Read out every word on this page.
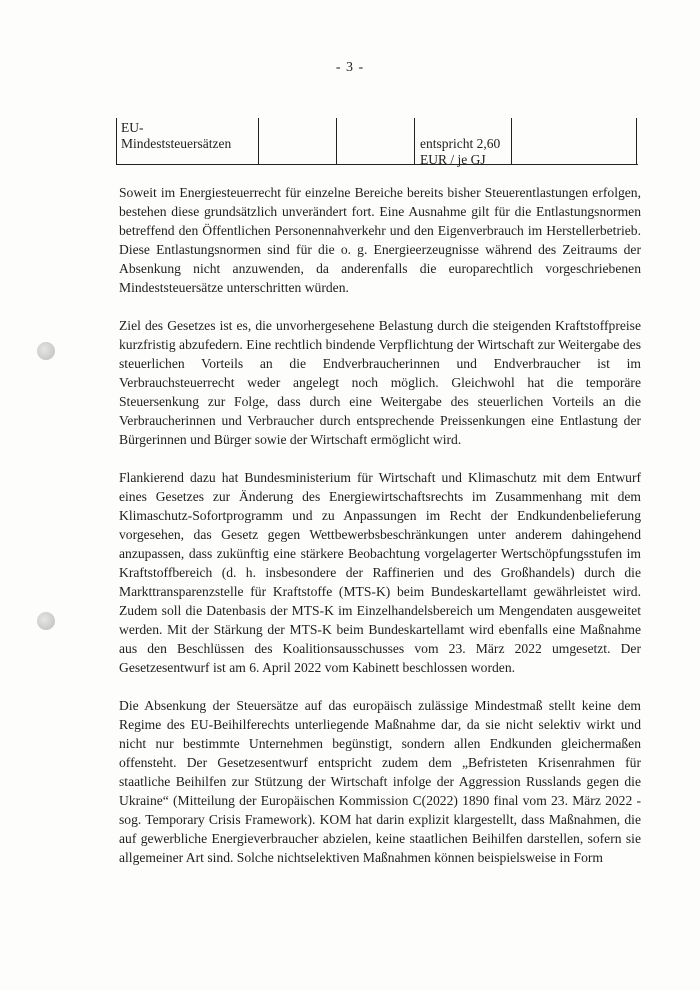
- 3 -
EU-
Mindeststeuersätzen	entspricht 2,60
EUR / je GJ

Soweit im Energiesteuerrecht für einzelne Bereiche bereits bisher Steuerentlastungen erfolgen, bestehen diese grundsätzlich unverändert fort. Eine Ausnahme gilt für die Entlastungsnormen betreffend den Öffentlichen Personennahverkehr und den Eigenverbrauch im Herstellerbetrieb. Diese Entlastungsnormen sind für die o. g. Energieerzeugnisse während des Zeitraums der Absenkung nicht anzuwenden, da anderenfalls die europarechtlich vorgeschriebenen Mindeststeuersätze unterschritten würden.

Ziel des Gesetzes ist es, die unvorhergesehene Belastung durch die steigenden Kraftstoffpreise kurzfristig abzufedern. Eine rechtlich bindende Verpflichtung der Wirtschaft zur Weitergabe des steuerlichen Vorteils an die Endverbraucherinnen und Endverbraucher ist im Verbrauchsteuerrecht weder angelegt noch möglich. Gleichwohl hat die temporäre Steuersenkung zur Folge, dass durch eine Weitergabe des steuerlichen Vorteils an die Verbraucherinnen und Verbraucher durch entsprechende Preissenkungen eine Entlastung der Bürgerinnen und Bürger sowie der Wirtschaft ermöglicht wird.

Flankierend dazu hat Bundesministerium für Wirtschaft und Klimaschutz mit dem Entwurf eines Gesetzes zur Änderung des Energiewirtschaftsrechts im Zusammenhang mit dem Klimaschutz-Sofortprogramm und zu Anpassungen im Recht der Endkundenbelieferung vorgesehen, das Gesetz gegen Wettbewerbsbeschränkungen unter anderem dahingehend anzupassen, dass zukünftig eine stärkere Beobachtung vorgelagerter Wertschöpfungsstufen im Kraftstoffbereich (d. h. insbesondere der Raffinerien und des Großhandels) durch die Markttransparenzstelle für Kraftstoffe (MTS-K) beim Bundeskartellamt gewährleistet wird. Zudem soll die Datenbasis der MTS-K im Einzelhandelsbereich um Mengendaten ausgeweitet werden. Mit der Stärkung der MTS-K beim Bundeskartellamt wird ebenfalls eine Maßnahme aus den Beschlüssen des Koalitionsausschusses vom 23. März 2022 umgesetzt. Der Gesetzesentwurf ist am 6. April 2022 vom Kabinett beschlossen worden.

Die Absenkung der Steuersätze auf das europäisch zulässige Mindestmaß stellt keine dem Regime des EU-Beihilferechts unterliegende Maßnahme dar, da sie nicht selektiv wirkt und nicht nur bestimmte Unternehmen begünstigt, sondern allen Endkunden gleichermaßen offensteht. Der Gesetzesentwurf entspricht zudem dem „Befristeten Krisenrahmen für staatliche Beihilfen zur Stützung der Wirtschaft infolge der Aggression Russlands gegen die Ukraine“ (Mitteilung der Europäischen Kommission C(2022) 1890 final vom 23. März 2022 - sog. Temporary Crisis Framework). KOM hat darin explizit klargestellt, dass Maßnahmen, die auf gewerbliche Energieverbraucher abzielen, keine staatlichen Beihilfen darstellen, sofern sie allgemeiner Art sind. Solche nichtselektiven Maßnahmen können beispielsweise in Form
